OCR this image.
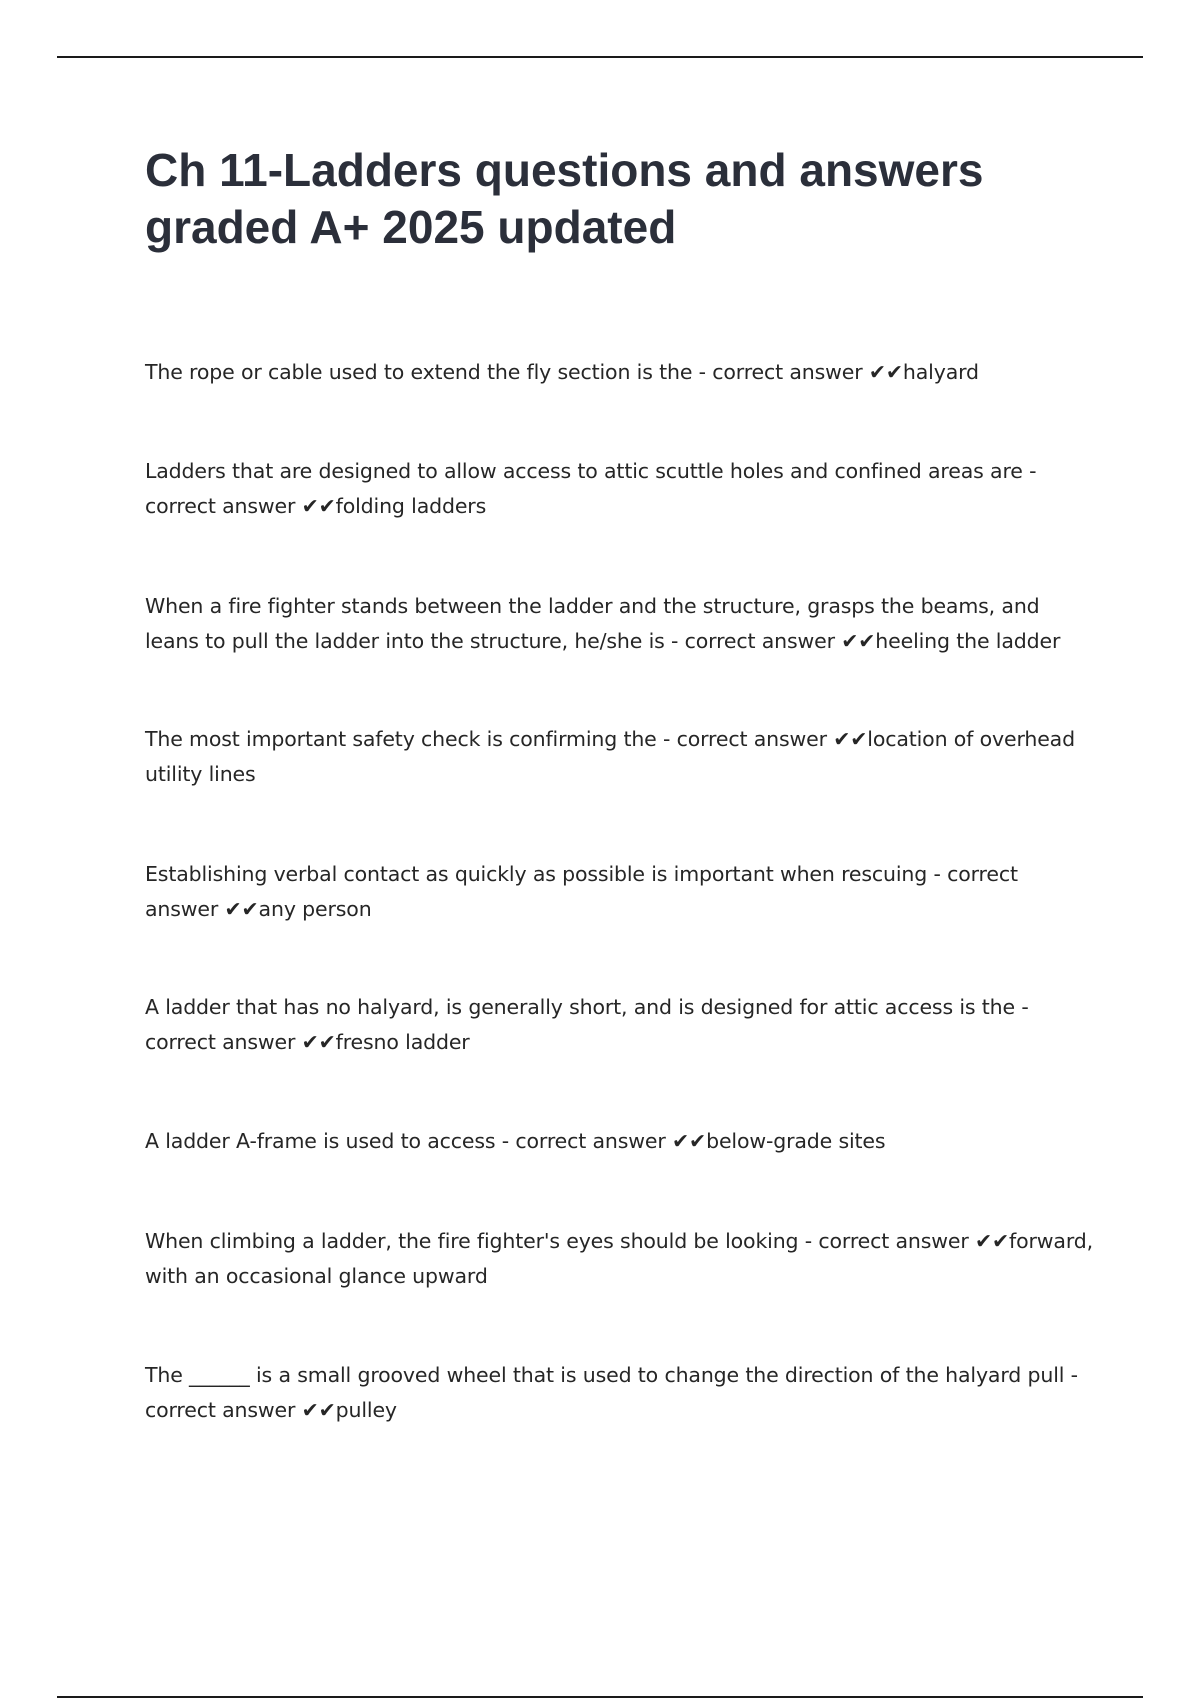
Ch 11-Ladders questions and answers graded A+ 2025 updated

The rope or cable used to extend the fly section is the - correct answer ✔✔halyard

Ladders that are designed to allow access to attic scuttle holes and confined areas are - correct answer ✔✔folding ladders

When a fire fighter stands between the ladder and the structure, grasps the beams, and leans to pull the ladder into the structure, he/she is - correct answer ✔✔heeling the ladder

The most important safety check is confirming the - correct answer ✔✔location of overhead utility lines

Establishing verbal contact as quickly as possible is important when rescuing - correct answer ✔✔any person

A ladder that has no halyard, is generally short, and is designed for attic access is the - correct answer ✔✔fresno ladder

A ladder A-frame is used to access - correct answer ✔✔below-grade sites

When climbing a ladder, the fire fighter's eyes should be looking - correct answer ✔✔forward, with an occasional glance upward

The ______ is a small grooved wheel that is used to change the direction of the halyard pull - correct answer ✔✔pulley
